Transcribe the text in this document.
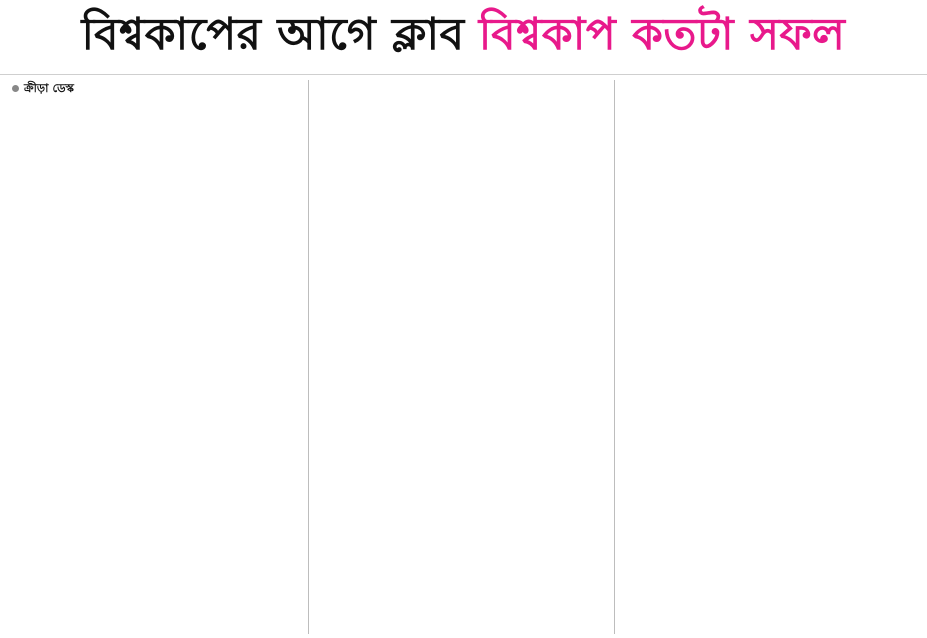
বিশ্বকাপের আগে ক্লাব বিশ্বকাপ কতটা সফল
ক্রীড়া ডেস্ক
